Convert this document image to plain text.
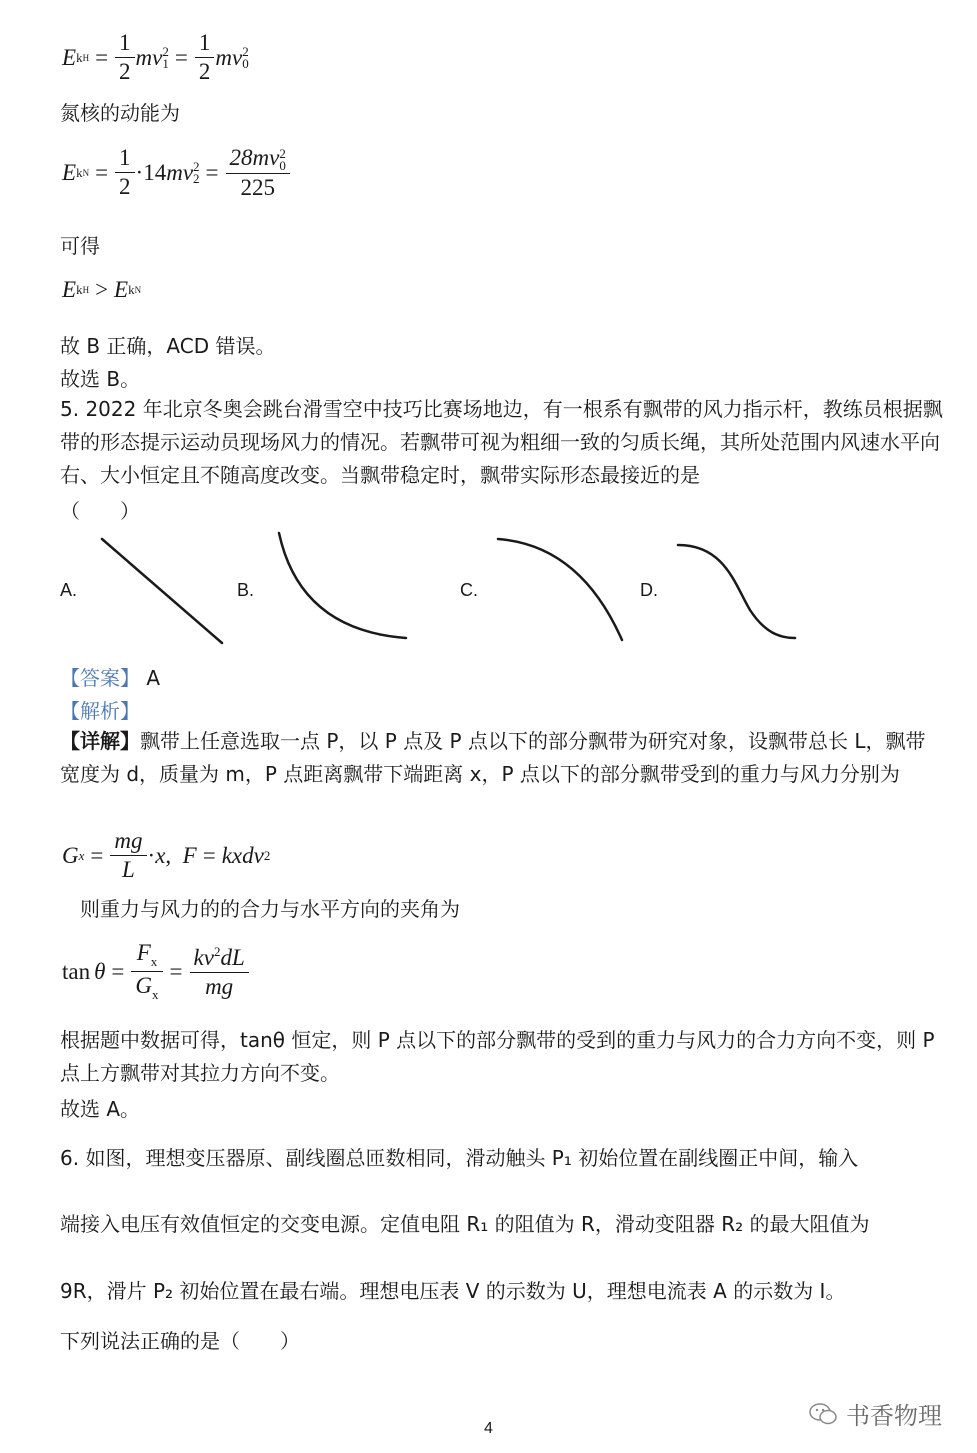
E k $H = \frac{1}{2}$ mv 2
$1 = \frac{1}{2}$ mv 2
0
氮核的动能为
E k $N = \frac{1}{2} \cdot 14$ mv 2
2 = 28mv 2
0
225
可得
E k H > E k N
故 B 正确，ACD 错误。
故选 B。
5. 2022 年北京冬奥会跳台滑雪空中技巧比赛场地边，有一根系有飘带的风力指示杆，教练员根据飘带的形态提示运动员现场风力的情况。若飘带可视为粗细一致的匀质长绳，其所处范围内风速水平向右、大小恒定且不随高度改变。当飘带稳定时，飘带实际形态最接近的是
（　　）
A.	B.	C.	D.
【答案】 A
【解析】
【详解】飘带上任意选取一点 P，以 P 点及 P 点以下的部分飘带为研究对象，设飘带总长 L，飘带宽度为 d，质量为 m，P 点距离飘带下端距离 x，P 点以下的部分飘带受到的重力与风力分别为
G $x = \frac{mg}{L} \cdot x$ , F = kxdv 2
则重力与风力的的合力与水平方向的夹角为
$\tan \theta = \frac{F_x}{G_x} = \frac{kv^2dL}{mg}$
根据题中数据可得，tanθ 恒定，则 P 点以下的部分飘带的受到的重力与风力的合力方向不变，则 P 点上方飘带对其拉力方向不变。
故选 A。
6. 如图，理想变压器原、副线圈总匝数相同，滑动触头 P₁ 初始位置在副线圈正中间，输入
端接入电压有效值恒定的交变电源。定值电阻 R₁ 的阻值为 R，滑动变阻器 R₂ 的最大阻值为
9R，滑片 P₂ 初始位置在最右端。理想电压表 V 的示数为 U，理想电流表 A 的示数为 I。
下列说法正确的是（　　）
书香物理
4
